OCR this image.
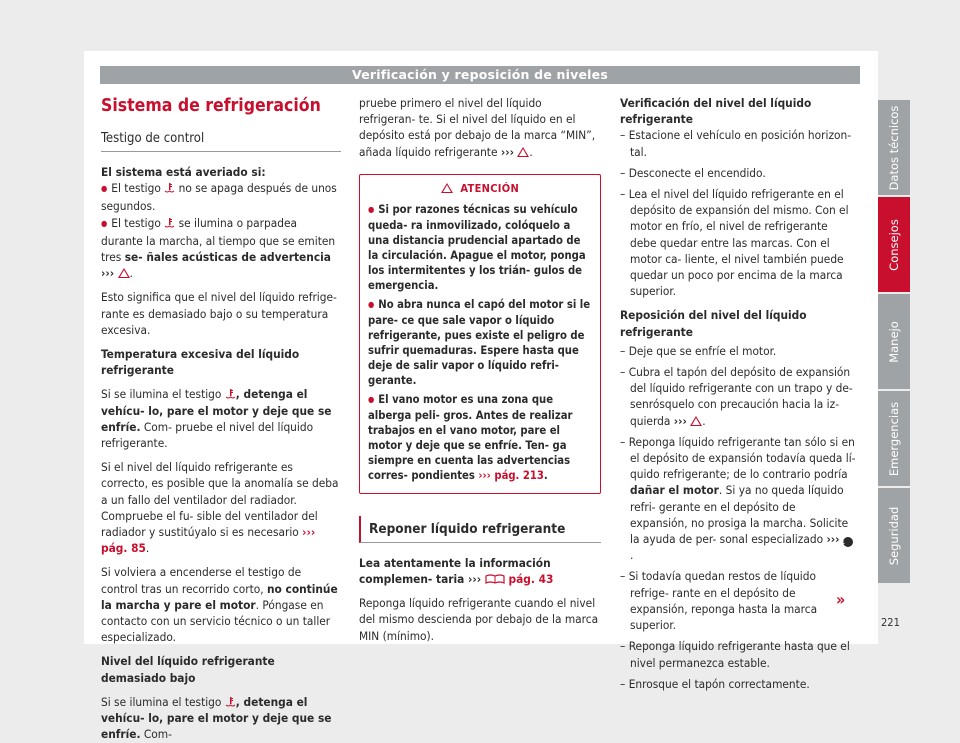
Verificación y reposición de niveles
Sistema de refrigeración
Testigo de control

El sistema está averiado si:

● El testigo  no se apaga después de unos segundos.

● El testigo  se ilumina o parpadea durante la marcha, al tiempo que se emiten tres se- ñales acústicas de advertencia ››› .

Esto significa que el nivel del líquido refrige- rante es demasiado bajo o su temperatura excesiva.

Temperatura excesiva del líquido refrigerante

Si se ilumina el testigo , detenga el vehícu- lo, pare el motor y deje que se enfríe. Com- pruebe el nivel del líquido refrigerante.

Si el nivel del líquido refrigerante es correcto, es posible que la anomalía se deba a un fallo del ventilador del radiador. Compruebe el fu- sible del ventilador del radiador y sustitúyalo si es necesario ››› pág. 85.

Si volviera a encenderse el testigo de control tras un recorrido corto, no continúe la marcha y pare el motor. Póngase en contacto con un servicio técnico o un taller especializado.

Nivel del líquido refrigerante demasiado bajo

Si se ilumina el testigo , detenga el vehícu- lo, pare el motor y deje que se enfríe. Com-

pruebe primero el nivel del líquido refrigeran- te. Si el nivel del líquido en el depósito está por debajo de la marca “MIN”, añada líquido refrigerante ››› .

ATENCIÓN

● Si por razones técnicas su vehículo queda- ra inmovilizado, colóquelo a una distancia prudencial apartado de la circulación. Apague el motor, ponga los intermitentes y los trián- gulos de emergencia.

● No abra nunca el capó del motor si le pare- ce que sale vapor o líquido refrigerante, pues existe el peligro de sufrir quemaduras. Espere hasta que deje de salir vapor o líquido refri- gerante.

● El vano motor es una zona que alberga peli- gros. Antes de realizar trabajos en el vano motor, pare el motor y deje que se enfríe. Ten- ga siempre en cuenta las advertencias corres- pondientes ››› pág. 213.

Reponer líquido refrigerante

Lea atentamente la información complemen- taria ››› pág. 43

Reponga líquido refrigerante cuando el nivel del mismo descienda por debajo de la marca MIN (mínimo).

Verificación del nivel del líquido refrigerante

– Estacione el vehículo en posición horizon- tal.

– Desconecte el encendido.

– Lea el nivel del líquido refrigerante en el depósito de expansión del mismo. Con el motor en frío, el nivel de refrigerante debe quedar entre las marcas. Con el motor ca- liente, el nivel también puede quedar un poco por encima de la marca superior.

Reposición del nivel del líquido refrigerante

– Deje que se enfríe el motor.

– Cubra el tapón del depósito de expansión del líquido refrigerante con un trapo y de- senrósquelo con precaución hacia la iz- quierda ››› .

– Reponga líquido refrigerante tan sólo si en el depósito de expansión todavía queda lí- quido refrigerante; de lo contrario podría dañar el motor. Si ya no queda líquido refri- gerante en el depósito de expansión, no prosiga la marcha. Solicite la ayuda de per- sonal especializado ››› 1.

– Si todavía quedan restos de líquido refrige- rante en el depósito de expansión, reponga hasta la marca superior.

– Reponga líquido refrigerante hasta que el nivel permanezca estable.

– Enrosque el tapón correctamente.

»
Datos técnicos
Consejos
Manejo
Emergencias
Seguridad
221
